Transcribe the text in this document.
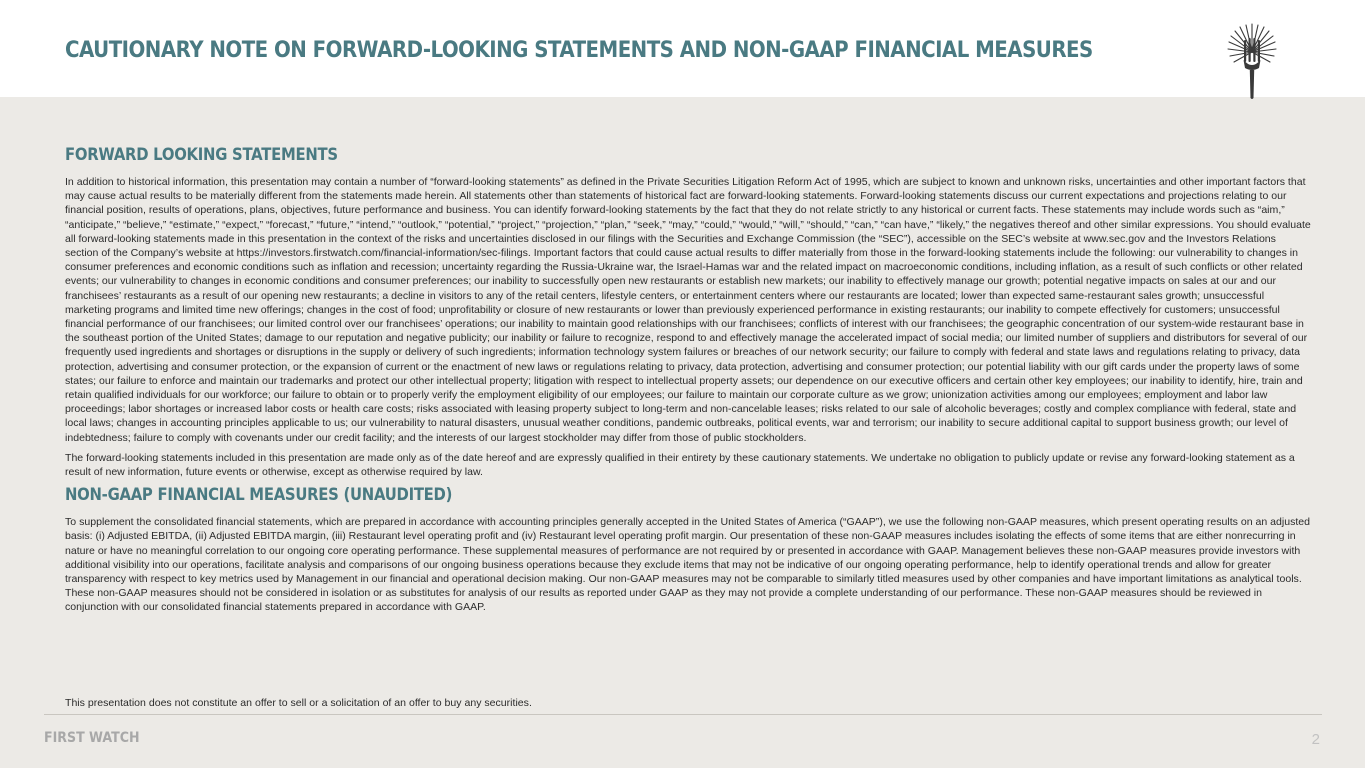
CAUTIONARY NOTE ON FORWARD-LOOKING STATEMENTS AND NON-GAAP FINANCIAL MEASURES
FORWARD LOOKING STATEMENTS

In addition to historical information, this presentation may contain a number of “forward-looking statements” as defined in the Private Securities Litigation Reform Act of 1995, which are subject to known and unknown risks, uncertainties and other important factors that may cause actual results to be materially different from the statements made herein. All statements other than statements of historical fact are forward-looking statements. Forward-looking statements discuss our current expectations and projections relating to our financial position, results of operations, plans, objectives, future performance and business. You can identify forward-looking statements by the fact that they do not relate strictly to any historical or current facts. These statements may include words such as “aim,” “anticipate,” “believe,” “estimate,” “expect,” “forecast,” “future,” “intend,” “outlook,” “potential,” “project,” “projection,” “plan,” “seek,” “may,” “could,” “would,” “will,” “should,” “can,” “can have,” “likely,” the negatives thereof and other similar expressions. You should evaluate all forward-looking statements made in this presentation in the context of the risks and uncertainties disclosed in our filings with the Securities and Exchange Commission (the “SEC”), accessible on the SEC’s website at www.sec.gov and the Investors Relations section of the Company’s website at https://investors.firstwatch.com/financial-information/sec-filings. Important factors that could cause actual results to differ materially from those in the forward-looking statements include the following: our vulnerability to changes in consumer preferences and economic conditions such as inflation and recession; uncertainty regarding the Russia-Ukraine war, the Israel-Hamas war and the related impact on macroeconomic conditions, including inflation, as a result of such conflicts or other related events; our vulnerability to changes in economic conditions and consumer preferences; our inability to successfully open new restaurants or establish new markets; our inability to effectively manage our growth; potential negative impacts on sales at our and our franchisees’ restaurants as a result of our opening new restaurants; a decline in visitors to any of the retail centers, lifestyle centers, or entertainment centers where our restaurants are located; lower than expected same-restaurant sales growth; unsuccessful marketing programs and limited time new offerings; changes in the cost of food; unprofitability or closure of new restaurants or lower than previously experienced performance in existing restaurants; our inability to compete effectively for customers; unsuccessful financial performance of our franchisees; our limited control over our franchisees’ operations; our inability to maintain good relationships with our franchisees; conflicts of interest with our franchisees; the geographic concentration of our system-wide restaurant base in the southeast portion of the United States; damage to our reputation and negative publicity; our inability or failure to recognize, respond to and effectively manage the accelerated impact of social media; our limited number of suppliers and distributors for several of our frequently used ingredients and shortages or disruptions in the supply or delivery of such ingredients; information technology system failures or breaches of our network security; our failure to comply with federal and state laws and regulations relating to privacy, data protection, advertising and consumer protection, or the expansion of current or the enactment of new laws or regulations relating to privacy, data protection, advertising and consumer protection; our potential liability with our gift cards under the property laws of some states; our failure to enforce and maintain our trademarks and protect our other intellectual property; litigation with respect to intellectual property assets; our dependence on our executive officers and certain other key employees; our inability to identify, hire, train and retain qualified individuals for our workforce; our failure to obtain or to properly verify the employment eligibility of our employees; our failure to maintain our corporate culture as we grow; unionization activities among our employees; employment and labor law proceedings; labor shortages or increased labor costs or health care costs; risks associated with leasing property subject to long-term and non-cancelable leases; risks related to our sale of alcoholic beverages; costly and complex compliance with federal, state and local laws; changes in accounting principles applicable to us; our vulnerability to natural disasters, unusual weather conditions, pandemic outbreaks, political events, war and terrorism; our inability to secure additional capital to support business growth; our level of indebtedness; failure to comply with covenants under our credit facility; and the interests of our largest stockholder may differ from those of public stockholders.

The forward-looking statements included in this presentation are made only as of the date hereof and are expressly qualified in their entirety by these cautionary statements. We undertake no obligation to publicly update or revise any forward-looking statement as a result of new information, future events or otherwise, except as otherwise required by law.

NON-GAAP FINANCIAL MEASURES (UNAUDITED)

To supplement the consolidated financial statements, which are prepared in accordance with accounting principles generally accepted in the United States of America (“GAAP”), we use the following non-GAAP measures, which present operating results on an adjusted basis: (i) Adjusted EBITDA, (ii) Adjusted EBITDA margin, (iii) Restaurant level operating profit and (iv) Restaurant level operating profit margin. Our presentation of these non-GAAP measures includes isolating the effects of some items that are either nonrecurring in nature or have no meaningful correlation to our ongoing core operating performance. These supplemental measures of performance are not required by or presented in accordance with GAAP. Management believes these non-GAAP measures provide investors with additional visibility into our operations, facilitate analysis and comparisons of our ongoing business operations because they exclude items that may not be indicative of our ongoing operating performance, help to identify operational trends and allow for greater transparency with respect to key metrics used by Management in our financial and operational decision making. Our non-GAAP measures may not be comparable to similarly titled measures used by other companies and have important limitations as analytical tools. These non-GAAP measures should not be considered in isolation or as substitutes for analysis of our results as reported under GAAP as they may not provide a complete understanding of our performance. These non-GAAP measures should be reviewed in conjunction with our consolidated financial statements prepared in accordance with GAAP.

This presentation does not constitute an offer to sell or a solicitation of an offer to buy any securities.
FIRST WATCH	2
